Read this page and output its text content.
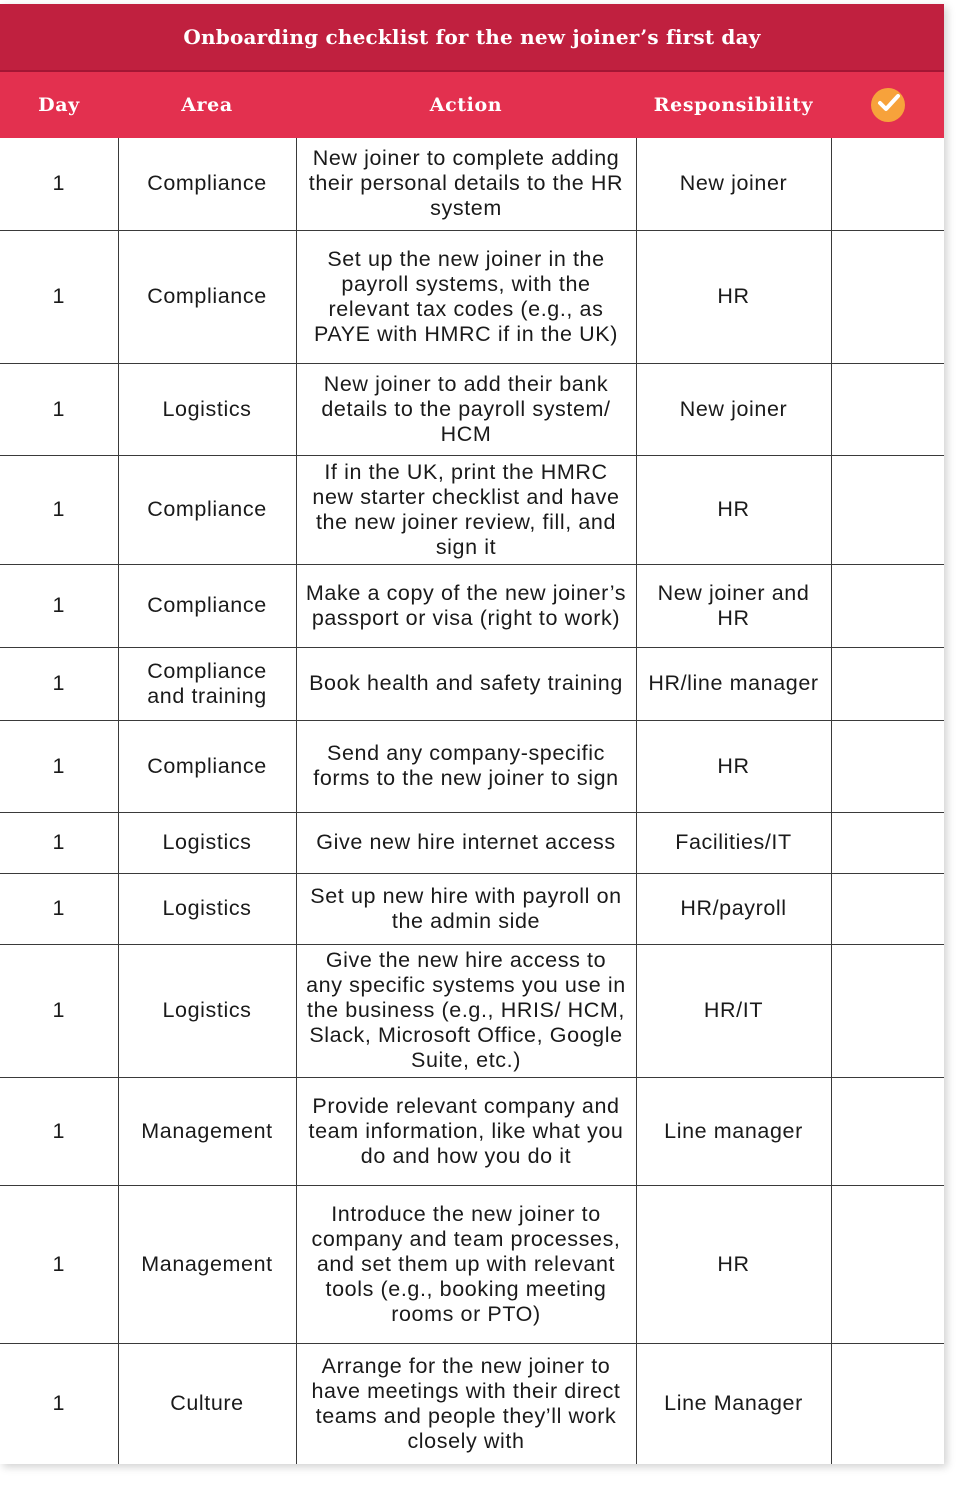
Onboarding checklist for the new joiner’s first day
Day	Area	Action	Responsibility	

1	Compliance	New joiner to complete adding their personal details to the HR system	New joiner	
1	Compliance	Set up the new joiner in the payroll systems, with the relevant tax codes (e.g., as PAYE with HMRC if in the UK)	HR	
1	Logistics	New joiner to add their bank details to the payroll system/ HCM	New joiner	
1	Compliance	If in the UK, print the HMRC new starter checklist and have the new joiner review, fill, and sign it	HR	
1	Compliance	Make a copy of the new joiner’s passport or visa (right to work)	New joiner and HR	
1	Compliance and training	Book health and safety training	HR/line manager	
1	Compliance	Send any company-specific forms to the new joiner to sign	HR	
1	Logistics	Give new hire internet access	Facilities/IT	
1	Logistics	Set up new hire with payroll on the admin side	HR/payroll	
1	Logistics	Give the new hire access to any specific systems you use in the business (e.g., HRIS/ HCM, Slack, Microsoft Office, Google Suite, etc.)	HR/IT	
1	Management	Provide relevant company and team information, like what you do and how you do it	Line manager	
1	Management	Introduce the new joiner to company and team processes, and set them up with relevant tools (e.g., booking meeting rooms or PTO)	HR	
1	Culture	Arrange for the new joiner to have meetings with their direct teams and people they’ll work closely with	Line Manager	
